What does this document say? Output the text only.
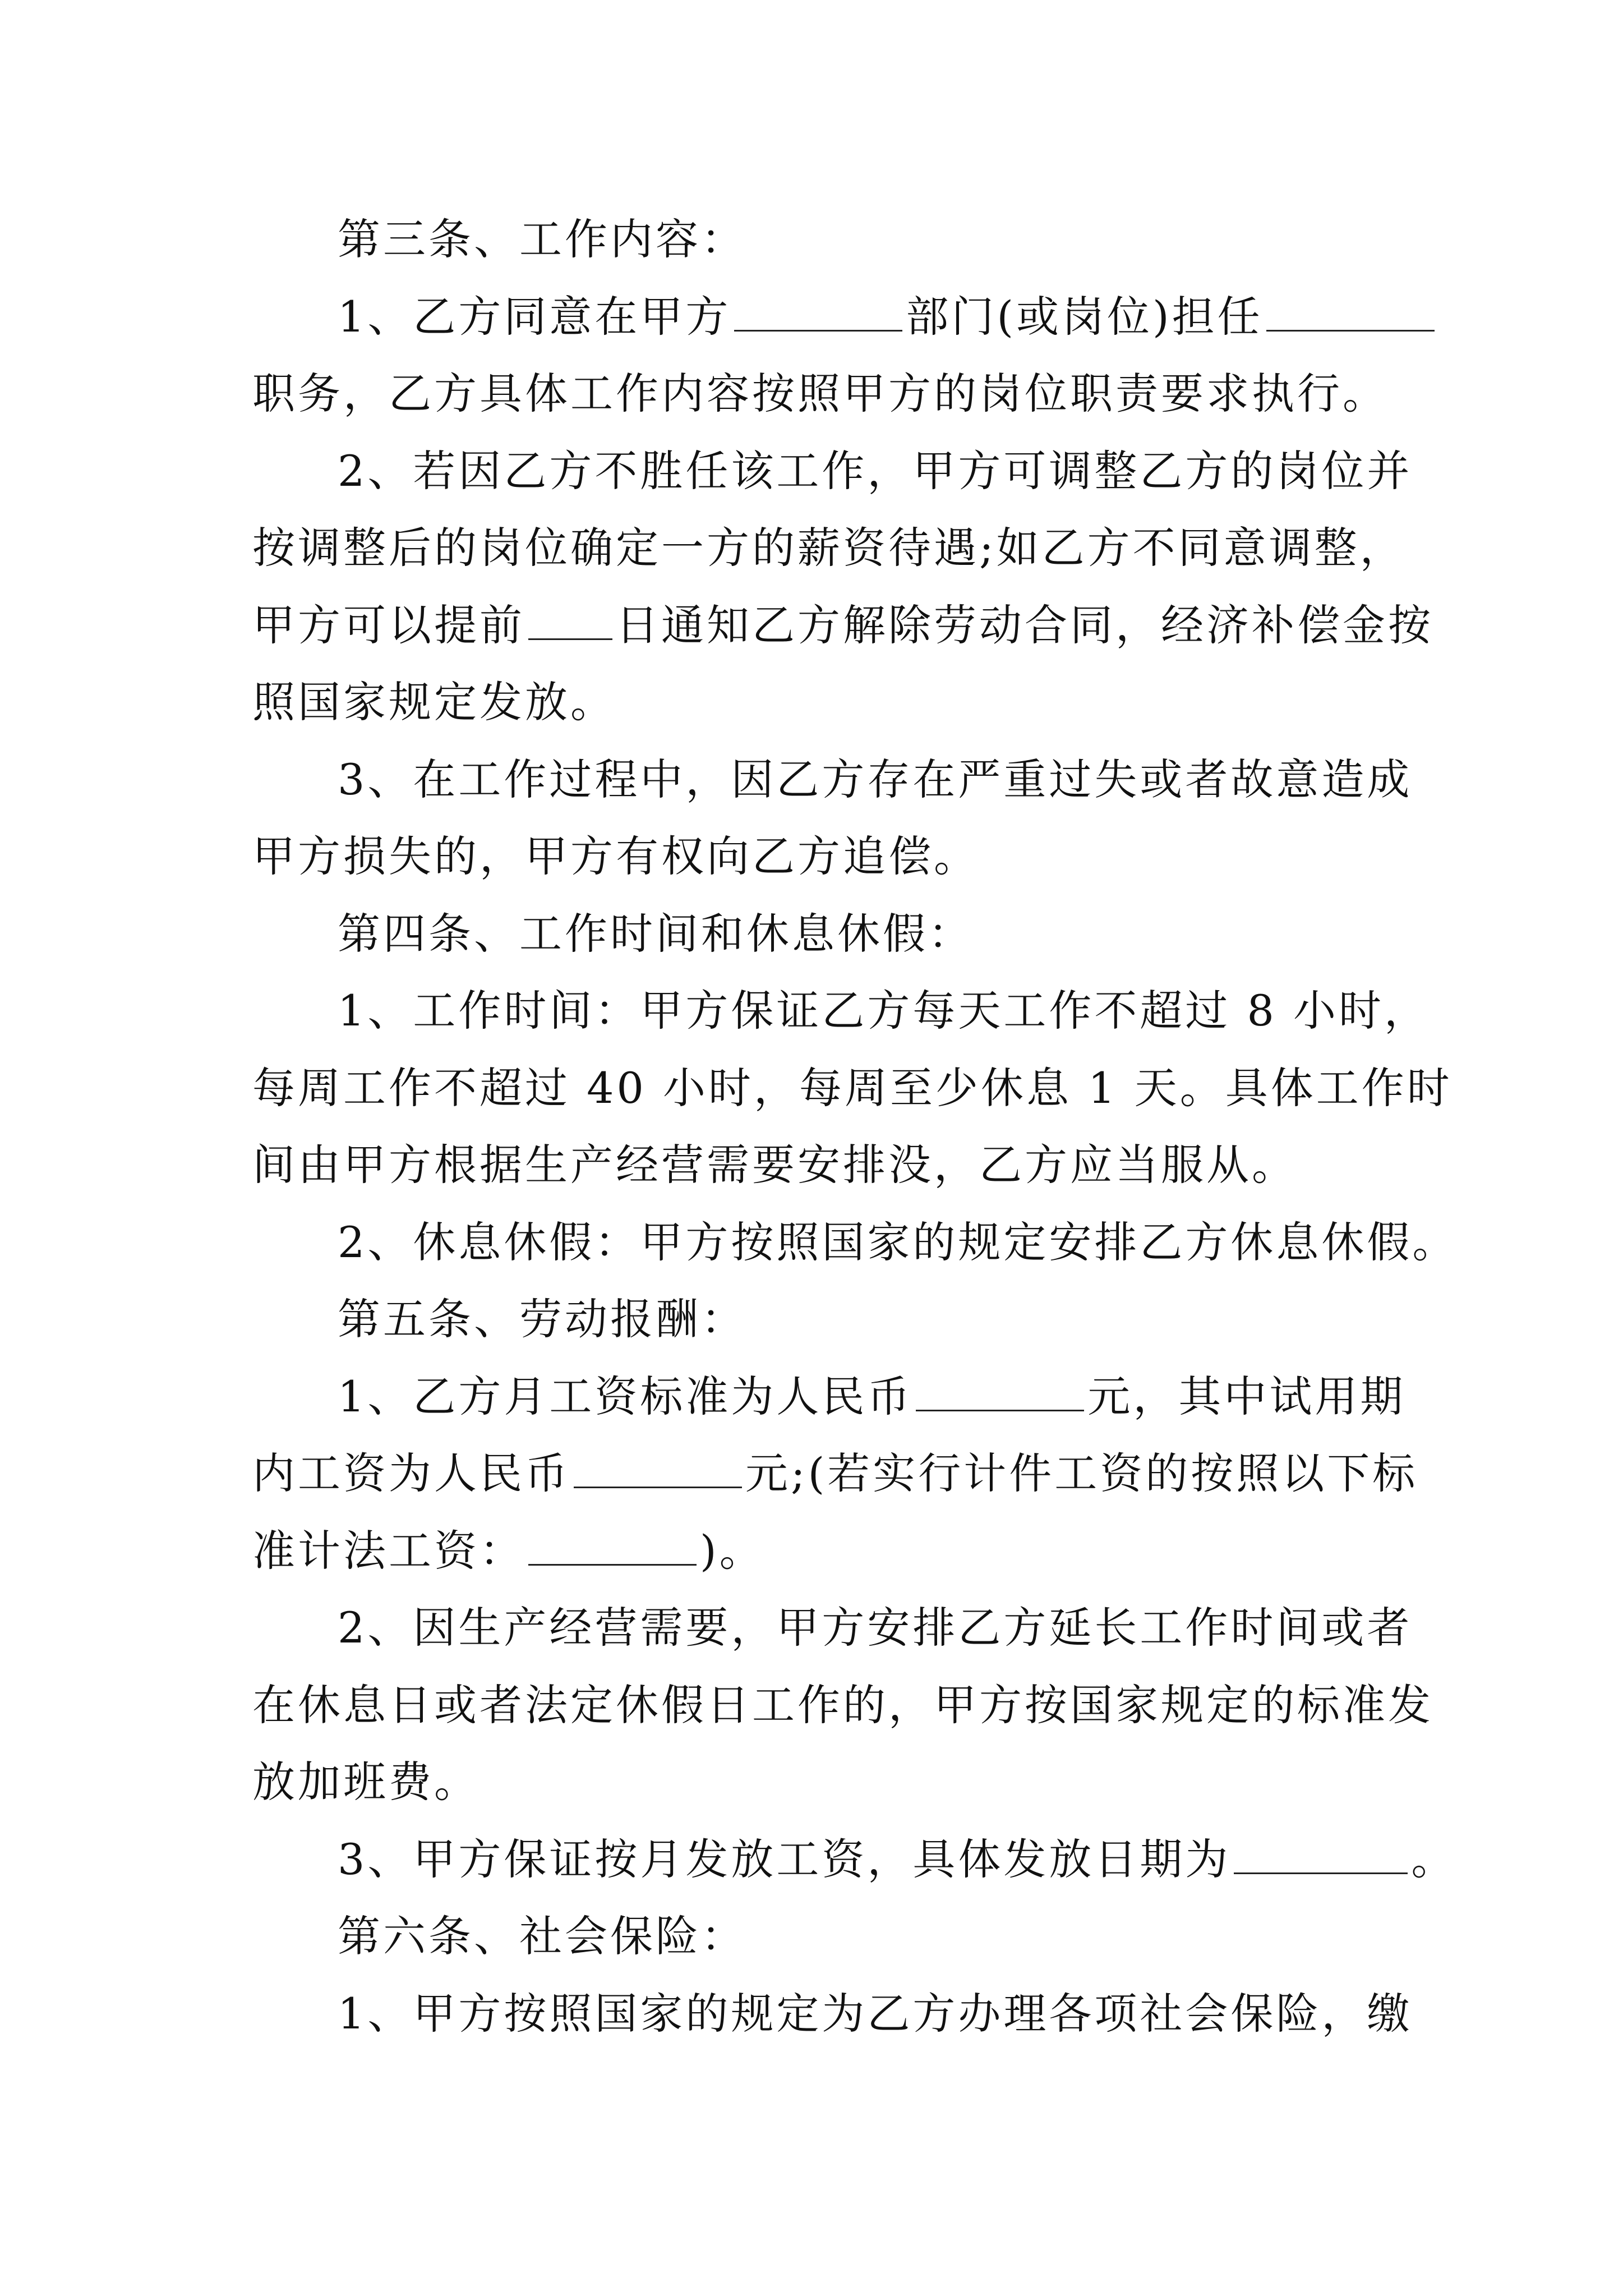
第三条、工作内容：
1、乙方同意在甲方	部门(或岗位)担任
职务，乙方具体工作内容按照甲方的岗位职责要求执行。
2、若因乙方不胜任该工作，甲方可调整乙方的岗位并
按调整后的岗位确定一方的薪资待遇;如乙方不同意调整，
甲方可以提前 日通知乙方解除劳动合同，经济补偿金按
照国家规定发放。
3、在工作过程中，因乙方存在严重过失或者故意造成
甲方损失的，甲方有权向乙方追偿。
第四条、工作时间和休息休假：
1、工作时间：甲方保证乙方每天工作不超过 8 小时，
每周工作不超过 40 小时，每周至少休息 1 天。具体工作时
间由甲方根据生产经营需要安排没，乙方应当服从。
2、休息休假：甲方按照国家的规定安排乙方休息休假。
第五条、劳动报酬：
1、乙方月工资标准为人民币	元，其中试用期
内工资为人民币	元;(若实行计件工资的按照以下标
准计法工资：	)。
2、因生产经营需要，甲方安排乙方延长工作时间或者
在休息日或者法定休假日工作的，甲方按国家规定的标准发
放加班费。
3、甲方保证按月发放工资，具体发放日期为	。
第六条、社会保险：
1、甲方按照国家的规定为乙方办理各项社会保险，缴
